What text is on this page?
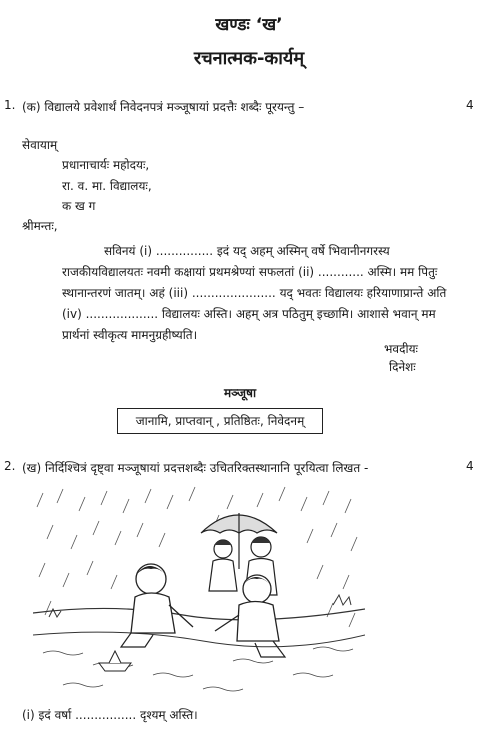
खण्डः ‘ख’
रचनात्मक-कार्यम्
1. (क) विद्यालये प्रवेशार्थं निवेदनपत्रं मञ्जूषायां प्रदत्तैः शब्दैः पूरयन्तु –	4
सेवायाम्
प्रधानाचार्यः महोदयः,
रा. व. मा. विद्यालयः,
क ख ग
श्रीमन्तः,
सविनयं (i) ............... इदं यद् अहम् अस्मिन् वर्षे भिवानीनगरस्य
राजकीयविद्यालयतः नवमी कक्षायां प्रथमश्रेण्यां सफलतां (ii) ............ अस्मि। मम पितुः
स्थानान्तरणं जातम्। अहं (iii) ...................... यद् भवतः विद्यालयः हरियाणाप्रान्ते अति
(iv) ................... विद्यालयः अस्ति। अहम् अत्र पठितुम् इच्छामि। आशासे भवान् मम
प्रार्थनां स्वीकृत्य मामनुग्रहीष्यति।
भवदीयः
दिनेशः
मञ्जूषा
जानामि, प्राप्तवान् , प्रतिष्ठितः, निवेदनम्
2. (ख) निर्दिश्चित्रं दृष्ट्वा मञ्जूषायां प्रदत्तशब्दैः उचितरिक्तस्थानानि पूरयित्वा लिखत -	4
(i) इदं वर्षा ................ दृश्यम् अस्ति।
